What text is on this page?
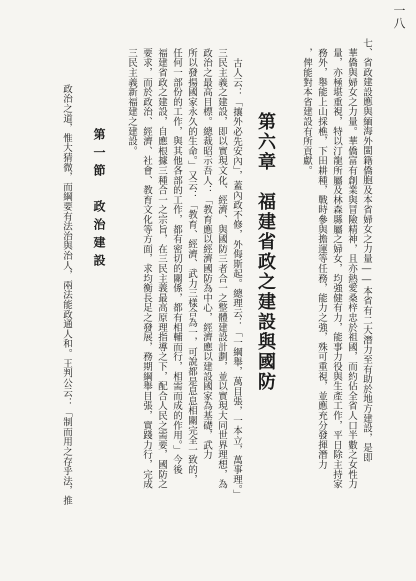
一八
七、省政建設應與緬海外閩籍僑胞及本省婦女之力量――本省有二大潛力至有助於地方建設，是即
華僑與婦女之力量。華僑富有創業與冒險精神，且亦熱愛桑梓忠於祖國，而約佔全省人口半數之女性力
量，亦極堪重視，特以汀龍所屬及林森縣屬之婦女，均強健有力，能事力役與生產工作，平日除主持家
務外，舉能上山採樵，下田耕種，戰時參與擔運等任務，能力之強，殊可重視，並應充分發揮潛力
，俾能對本省建設有所貢獻。
第六章　福建省政之建設與國防
古人云：「攘外必先安內」，蓋內政不修，外侮斯起。總理云：「一綱舉，萬目張，一本立，萬事理。」
三民主義之建設，即以實現文化、經濟、與國防三者合一之整體建設計劃，並以實現大同世界理想，為
政治之最高目標。總裁昭示吾人：「教育應以經濟國防為中心，經濟應以建設國家為基礎，武力
所以發揚國家永久的生命。」又云：「教育、經濟、武力三樣合為一，可說都是息息相關完全一致的，
任何一部份的工作，與其他各部的工作，都有密切的關係，都有相輔而行，相需而成的作用。」今後
福建省政之建設，自應根據三種合一之宗旨，在三民主義最高原理指導之下，配合人民之需要，國防之
要求，而於政治、經濟、社會、教育文化等方面，求均衡長足之發展，務期綱舉目張，實踐力行，完成
三民主義新福建之建設。
第一節　政治建設
政治之道，惟大猜微，而綱要有法治與治人，兩法能政通人和。王判公云：「制而用之存乎法，推
